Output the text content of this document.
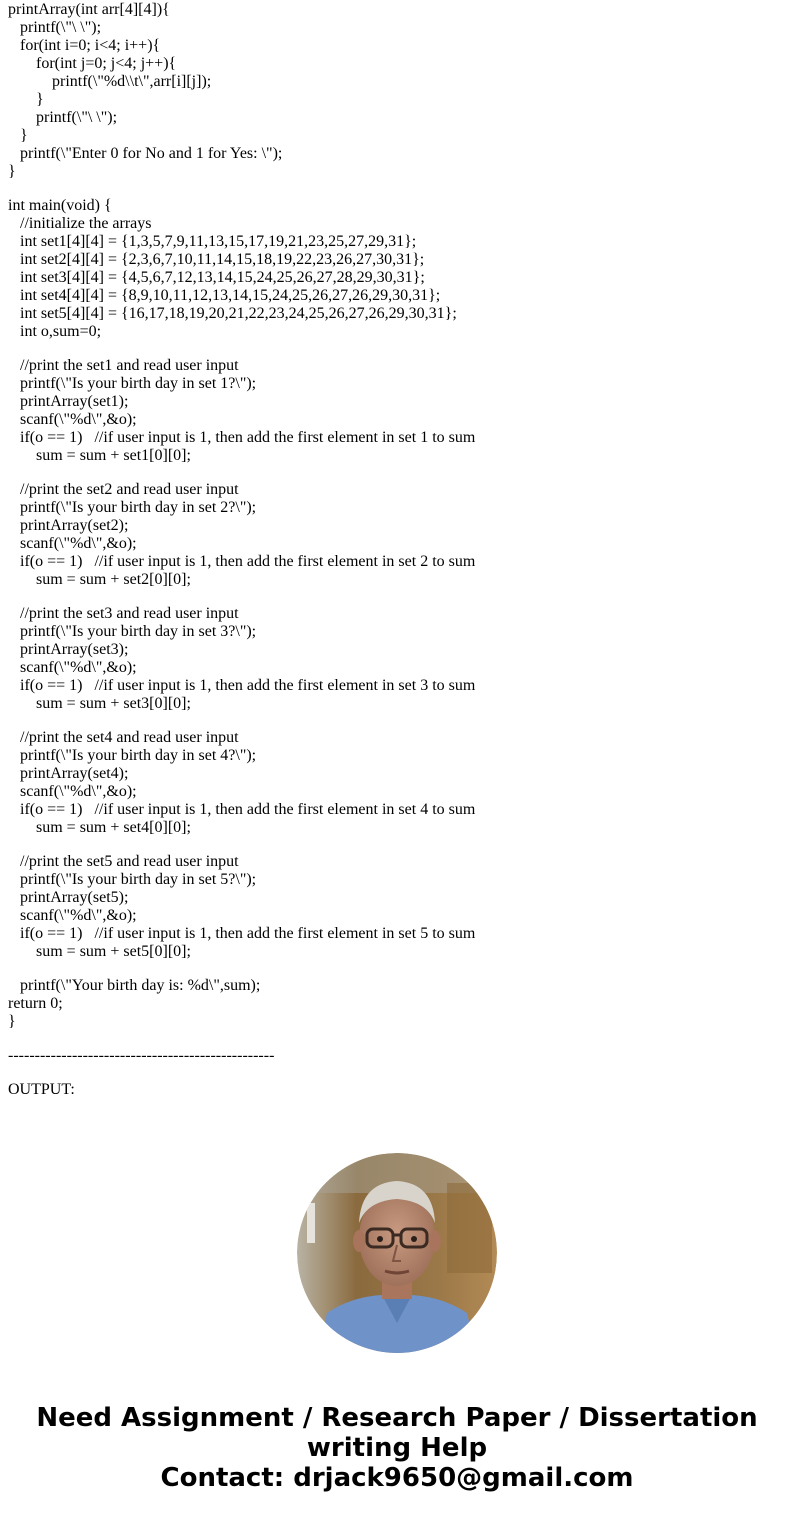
printArray(int arr[4][4]){
printf(\"\ \");
for(int i=0; i<4; i++){
for(int j=0; j<4; j++){
printf(\"%d\\t\",arr[i][j]);
}
printf(\"\ \");
}
printf(\"Enter 0 for No and 1 for Yes: \");
}
int main(void) {
//initialize the arrays
int set1[4][4] = {1,3,5,7,9,11,13,15,17,19,21,23,25,27,29,31};
int set2[4][4] = {2,3,6,7,10,11,14,15,18,19,22,23,26,27,30,31};
int set3[4][4] = {4,5,6,7,12,13,14,15,24,25,26,27,28,29,30,31};
int set4[4][4] = {8,9,10,11,12,13,14,15,24,25,26,27,26,29,30,31};
int set5[4][4] = {16,17,18,19,20,21,22,23,24,25,26,27,26,29,30,31};
int o,sum=0;
//print the set1 and read user input
printf(\"Is your birth day in set 1?\");
printArray(set1);
scanf(\"%d\",&o);
if(o == 1)   //if user input is 1, then add the first element in set 1 to sum
sum = sum + set1[0][0];
//print the set2 and read user input
printf(\"Is your birth day in set 2?\");
printArray(set2);
scanf(\"%d\",&o);
if(o == 1)   //if user input is 1, then add the first element in set 2 to sum
sum = sum + set2[0][0];
//print the set3 and read user input
printf(\"Is your birth day in set 3?\");
printArray(set3);
scanf(\"%d\",&o);
if(o == 1)   //if user input is 1, then add the first element in set 3 to sum
sum = sum + set3[0][0];
//print the set4 and read user input
printf(\"Is your birth day in set 4?\");
printArray(set4);
scanf(\"%d\",&o);
if(o == 1)   //if user input is 1, then add the first element in set 4 to sum
sum = sum + set4[0][0];
//print the set5 and read user input
printf(\"Is your birth day in set 5?\");
printArray(set5);
scanf(\"%d\",&o);
if(o == 1)   //if user input is 1, then add the first element in set 5 to sum
sum = sum + set5[0][0];
printf(\"Your birth day is: %d\",sum);
return 0;
}
--------------------------------------------------
OUTPUT:
Need Assignment / Research Paper / Dissertation
writing Help
Contact: drjack9650@gmail.com
